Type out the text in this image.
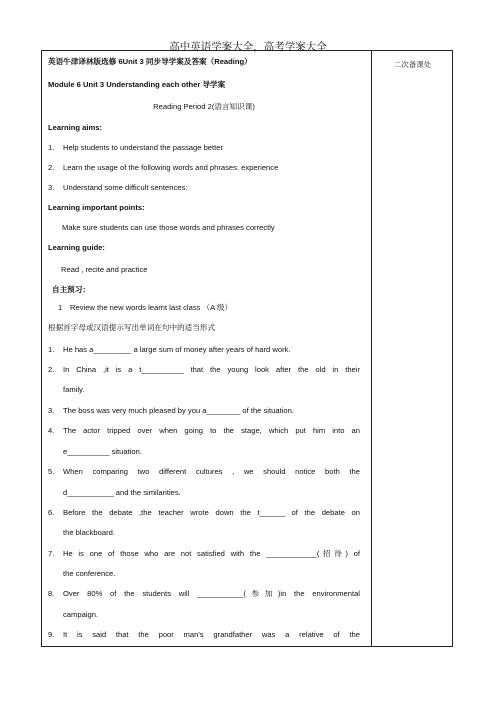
高中英语学案大全，高考学案大全
二次备课处
英语牛津译林版选修 6Unit 3 同步导学案及答案（Reading）
Module 6 Unit 3 Understanding each other 导学案
Reading Period 2(语言知识课)
Learning aims:
1.	Help students to understand the passage better
2.	Learn the usage of the following words and phrases: experience
3.	Understand some difficult sentences:
Learning important points:
Make sure students can use those words and phrases correctly
Learning guide:
Read , recite and practice
自主预习：
1 Review the new words learnt last class （A 级）
根据首字母或汉语提示写出单词在句中的适当形式
1.	He has a_________ a large sum of money after years of hard work.
2.	In China ,it is a t__________ that the young look after the old in their
family.
3.	The boss was very much pleased by you a________ of the situation.
4.	The actor tripped over when going to the stage, which put him into an
e__________ situation.
5.	When comparing two different cultures , we should notice both the
d___________ and the similarities.
6.	Before the debate ,the teacher wrote down the t______ of the debate on
the blackboard.
7.	He is one of those who are not satisfied with the ____________(招待) of
the conference.
8.	Over 80% of the students will ___________(参加)in the environmental
campaign.
9.	It is said that the poor man's grandfather was a relative of the
